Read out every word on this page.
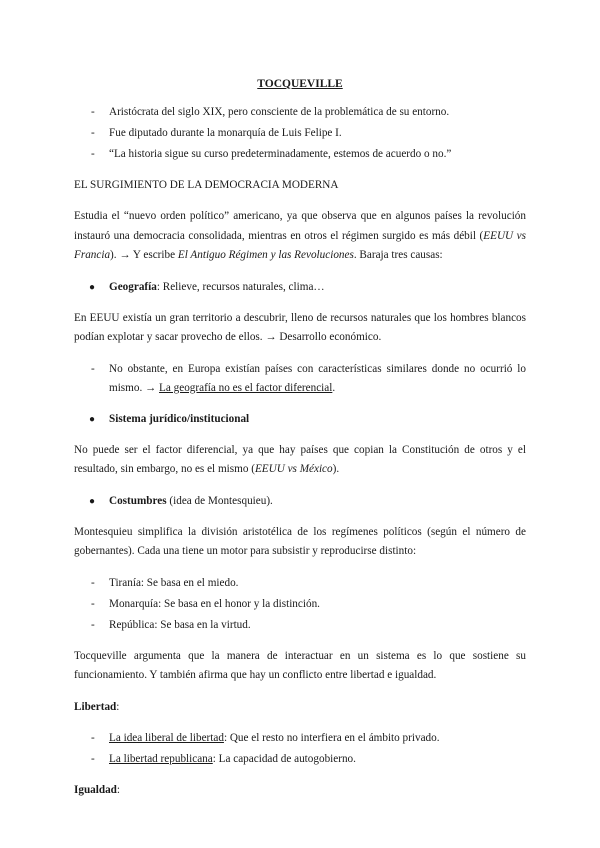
TOCQUEVILLE
- Aristócrata del siglo XIX, pero consciente de la problemática de su entorno.
- Fue diputado durante la monarquía de Luis Felipe I.
- “La historia sigue su curso predeterminadamente, estemos de acuerdo o no.”
EL SURGIMIENTO DE LA DEMOCRACIA MODERNA

Estudia el “nuevo orden político” americano, ya que observa que en algunos países la revolución instauró una democracia consolidada, mientras en otros el régimen surgido es más débil (EEUU vs Francia). → Y escribe El Antiguo Régimen y las Revoluciones. Baraja tres causas:

● Geografía: Relieve, recursos naturales, clima…

En EEUU existía un gran territorio a descubrir, lleno de recursos naturales que los hombres blancos podían explotar y sacar provecho de ellos. → Desarrollo económico.

- No obstante, en Europa existían países con características similares donde no ocurrió lo mismo. → La geografía no es el factor diferencial.
● Sistema jurídico/institucional

No puede ser el factor diferencial, ya que hay países que copian la Constitución de otros y el resultado, sin embargo, no es el mismo (EEUU vs México).

● Costumbres (idea de Montesquieu).

Montesquieu simplifica la división aristotélica de los regímenes políticos (según el número de gobernantes). Cada una tiene un motor para subsistir y reproducirse distinto:

- Tiranía: Se basa en el miedo.
- Monarquía: Se basa en el honor y la distinción.
- República: Se basa en la virtud.

Tocqueville argumenta que la manera de interactuar en un sistema es lo que sostiene su funcionamiento. Y también afirma que hay un conflicto entre libertad e igualdad.

Libertad:
- La idea liberal de libertad: Que el resto no interfiera en el ámbito privado.
- La libertad republicana: La capacidad de autogobierno.
Igualdad:
